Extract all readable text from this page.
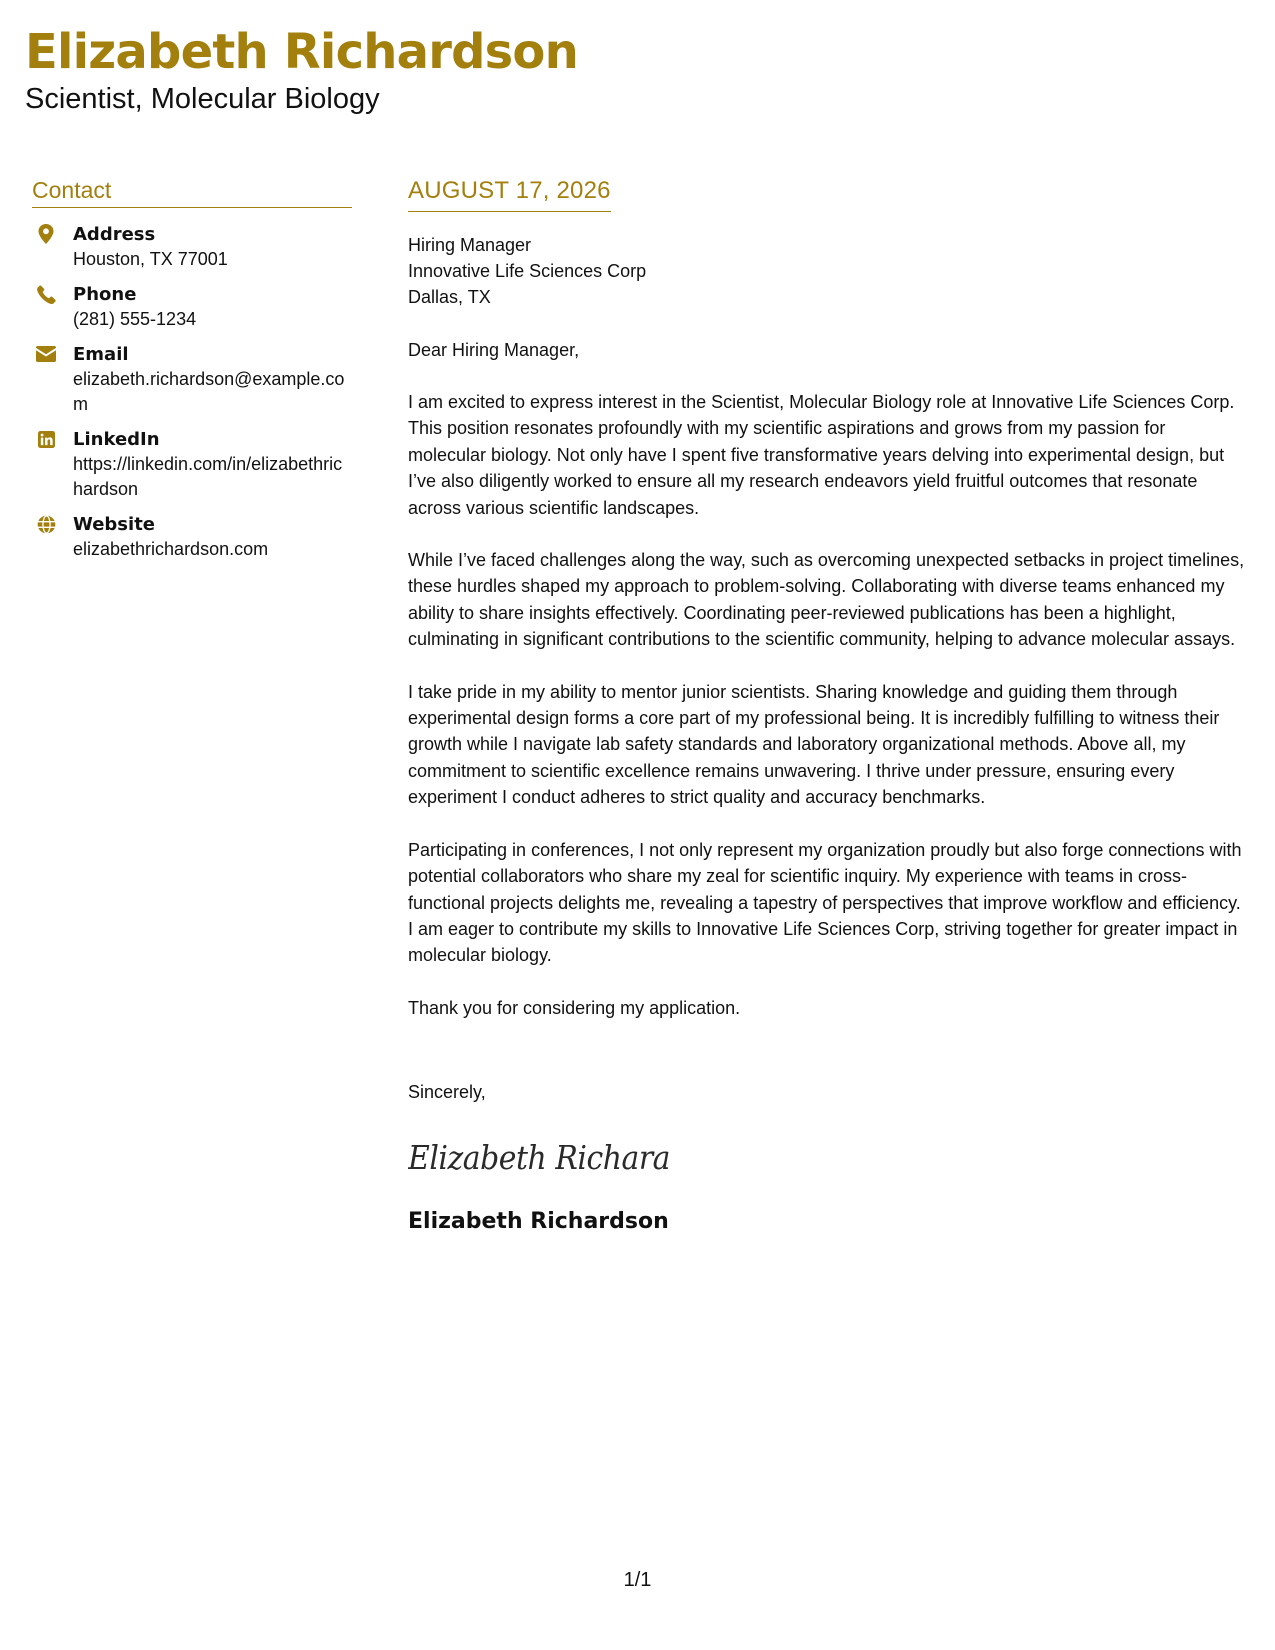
Elizabeth Richardson
Scientist, Molecular Biology
Contact
Address
Houston, TX 77001
Phone
(281) 555-1234
Email
elizabeth.richardson@example.com
LinkedIn
https://linkedin.com/in/elizabethrichardson
Website
elizabethrichardson.com
AUGUST 17, 2026
Hiring Manager
Innovative Life Sciences Corp
Dallas, TX
Dear Hiring Manager,

I am excited to express interest in the Scientist, Molecular Biology role at Innovative Life Sciences Corp. This position resonates profoundly with my scientific aspirations and grows from my passion for molecular biology. Not only have I spent five transformative years delving into experimental design, but I’ve also diligently worked to ensure all my research endeavors yield fruitful outcomes that resonate across various scientific landscapes.

While I’ve faced challenges along the way, such as overcoming unexpected setbacks in project timelines, these hurdles shaped my approach to problem-solving. Collaborating with diverse teams enhanced my ability to share insights effectively. Coordinating peer-reviewed publications has been a highlight, culminating in significant contributions to the scientific community, helping to advance molecular assays.

I take pride in my ability to mentor junior scientists. Sharing knowledge and guiding them through experimental design forms a core part of my professional being. It is incredibly fulfilling to witness their growth while I navigate lab safety standards and laboratory organizational methods. Above all, my commitment to scientific excellence remains unwavering. I thrive under pressure, ensuring every experiment I conduct adheres to strict quality and accuracy benchmarks.

Participating in conferences, I not only represent my organization proudly but also forge connections with potential collaborators who share my zeal for scientific inquiry. My experience with teams in cross-functional projects delights me, revealing a tapestry of perspectives that improve workflow and efficiency. I am eager to contribute my skills to Innovative Life Sciences Corp, striving together for greater impact in molecular biology.

Thank you for considering my application.

Sincerely,
Elizabeth Richara
Elizabeth Richardson
1/1
